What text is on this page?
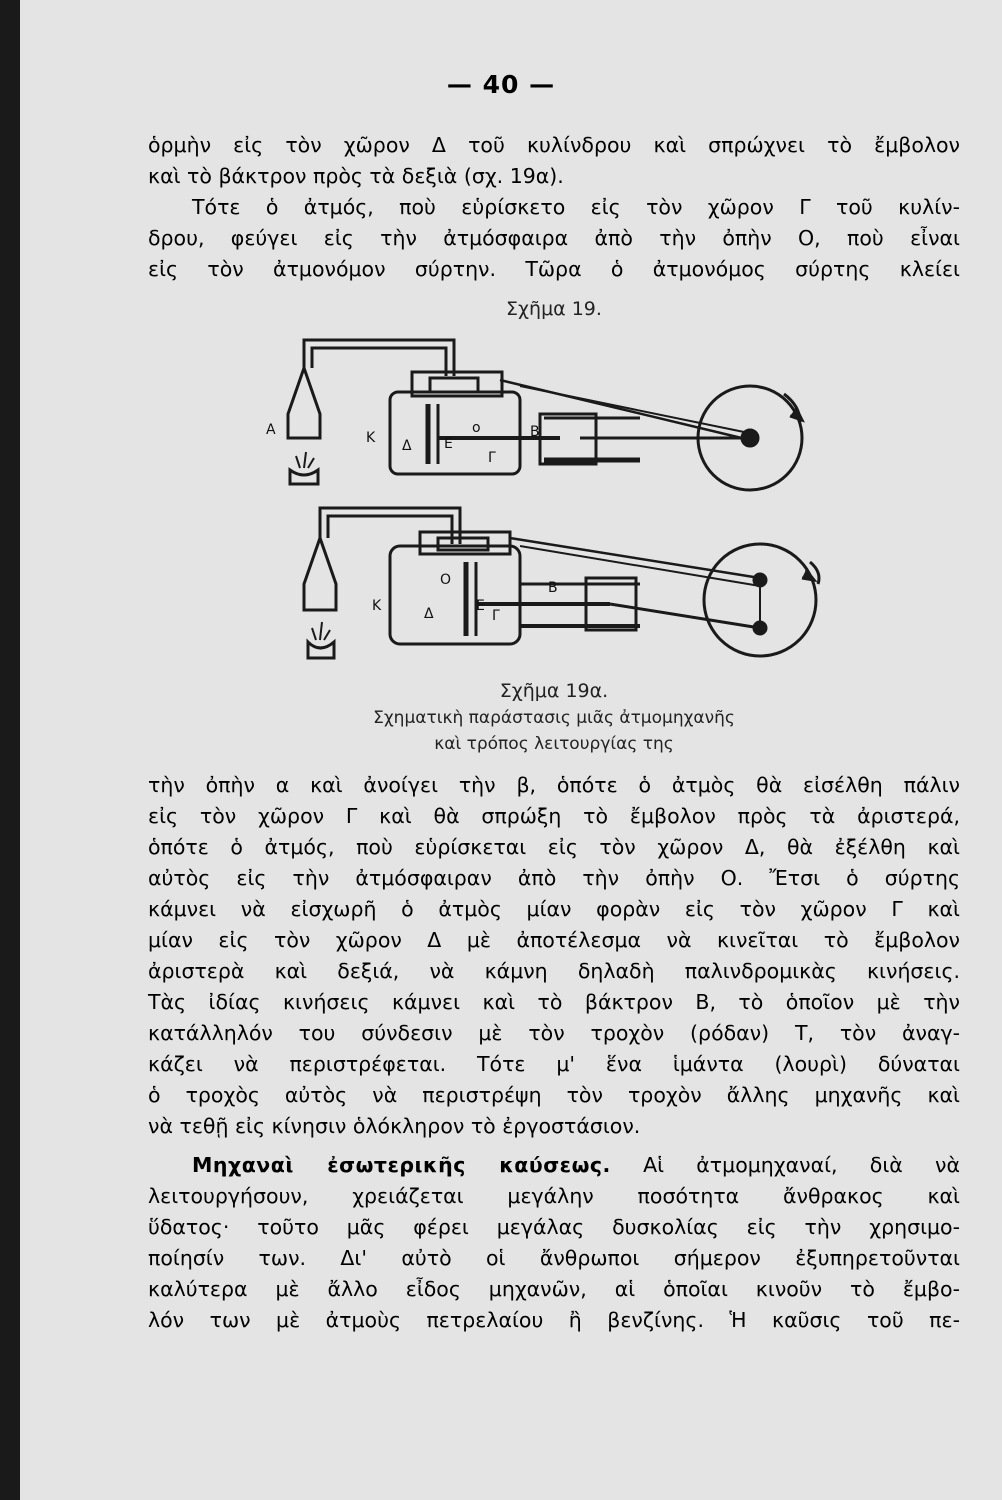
— 40 —
ὁρμὴν εἰς τὸν χῶρον Δ τοῦ κυλίνδρου καὶ σπρώχνει τὸ ἔμβολον
καὶ τὸ βάκτρον πρὸς τὰ δεξιὰ (σχ. 19α).
Τότε ὁ ἀτμός, ποὺ εὑρίσκετο εἰς τὸν χῶρον Γ τοῦ κυλίν-
δρου, φεύγει εἰς τὴν ἀτμόσφαιρα ἀπὸ τὴν ὀπὴν Ο, ποὺ εἶναι
εἰς τὸν ἀτμονόμον σύρτην. Τῶρα ὁ ἀτμονόμος σύρτης κλείει
Σχῆμα 19.
Α	Κ Δ Ε
ο
Γ
Β
Κ
Ο
Δ	Ε
Γ
Β
Σχῆμα 19α.
Σχηματικὴ παράστασις μιᾶς ἀτμομηχανῆς
καὶ τρόπος λειτουργίας της
τὴν ὀπὴν α καὶ ἀνοίγει τὴν β, ὁπότε ὁ ἀτμὸς θὰ εἰσέλθη πάλιν
εἰς τὸν χῶρον Γ καὶ θὰ σπρώξη τὸ ἔμβολον πρὸς τὰ ἀριστερά,
ὁπότε ὁ ἀτμός, ποὺ εὑρίσκεται εἰς τὸν χῶρον Δ, θὰ ἐξέλθη καὶ
αὐτὸς εἰς τὴν ἀτμόσφαιραν ἀπὸ τὴν ὀπὴν Ο. Ἔτσι ὁ σύρτης
κάμνει νὰ εἰσχωρῆ ὁ ἀτμὸς μίαν φορὰν εἰς τὸν χῶρον Γ καὶ
μίαν εἰς τὸν χῶρον Δ μὲ ἀποτέλεσμα νὰ κινεῖται τὸ ἔμβολον
ἀριστερὰ καὶ δεξιά, νὰ κάμνη δηλαδὴ παλινδρομικὰς κινήσεις.
Τὰς ἰδίας κινήσεις κάμνει καὶ τὸ βάκτρον Β, τὸ ὁποῖον μὲ τὴν
κατάλληλόν του σύνδεσιν μὲ τὸν τροχὸν (ρόδαν) Τ, τὸν ἀναγ-
κάζει νὰ περιστρέφεται. Τότε μ' ἕνα ἱμάντα (λουρὶ) δύναται
ὁ τροχὸς αὐτὸς νὰ περιστρέψη τὸν τροχὸν ἄλλης μηχανῆς καὶ
νὰ τεθῇ εἰς κίνησιν ὁλόκληρον τὸ ἐργοστάσιον.
Μηχαναὶ ἐσωτερικῆς καύσεως. Αἱ ἀτμομηχαναί, διὰ νὰ
λειτουργήσουν, χρειάζεται μεγάλην ποσότητα ἄνθρακος καὶ
ὕδατος· τοῦτο μᾶς φέρει μεγάλας δυσκολίας εἰς τὴν χρησιμο-
ποίησίν των. Δι' αὐτὸ οἱ ἄνθρωποι σήμερον ἐξυπηρετοῦνται
καλύτερα μὲ ἄλλο εἶδος μηχανῶν, αἱ ὁποῖαι κινοῦν τὸ ἔμβο-
λόν των μὲ ἀτμοὺς πετρελαίου ἢ βενζίνης. Ἡ καῦσις τοῦ πε-
